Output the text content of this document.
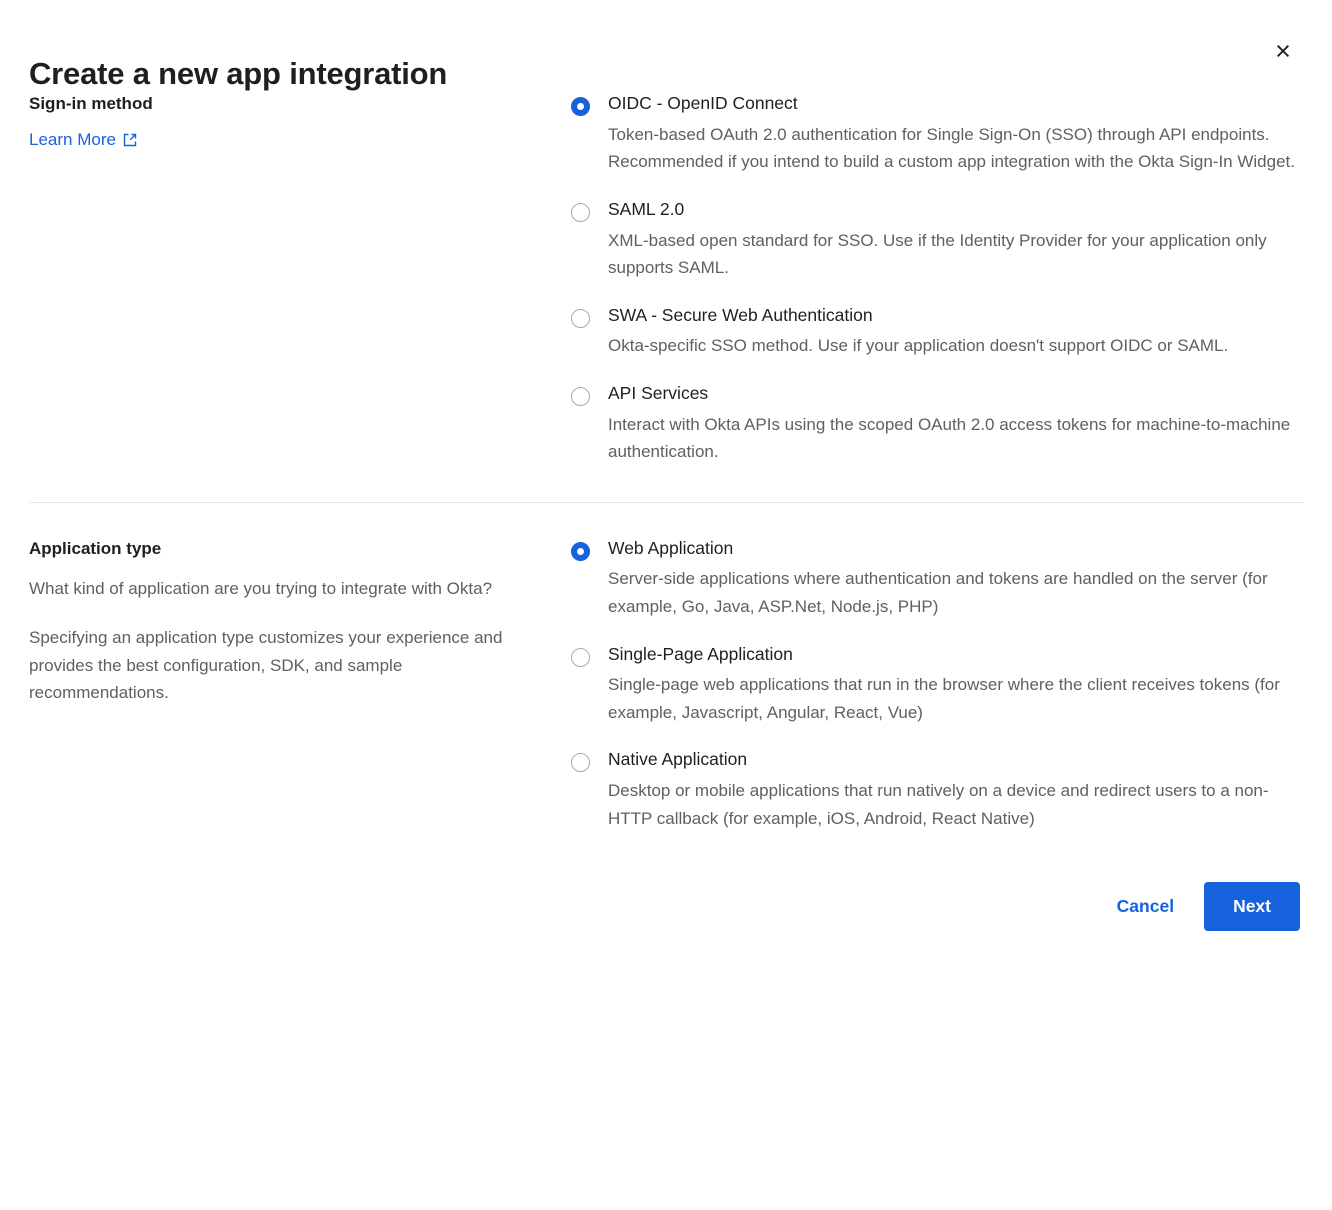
×
Create a new app integration
Sign-in method
Learn More
OIDC - OpenID Connect
Token-based OAuth 2.0 authentication for Single Sign-On (SSO) through API endpoints. Recommended if you intend to build a custom app integration with the Okta Sign-In Widget.
SAML 2.0
XML-based open standard for SSO. Use if the Identity Provider for your application only supports SAML.
SWA - Secure Web Authentication
Okta-specific SSO method. Use if your application doesn't support OIDC or SAML.
API Services
Interact with Okta APIs using the scoped OAuth 2.0 access tokens for machine-to-machine authentication.
Application type

What kind of application are you trying to integrate with Okta?

Specifying an application type customizes your experience and provides the best configuration, SDK, and sample recommendations.

Web Application
Server-side applications where authentication and tokens are handled on the server (for example, Go, Java, ASP.Net, Node.js, PHP)
Single-Page Application
Single-page web applications that run in the browser where the client receives tokens (for example, Javascript, Angular, React, Vue)
Native Application
Desktop or mobile applications that run natively on a device and redirect users to a non-HTTP callback (for example, iOS, Android, React Native)
Cancel	Next
